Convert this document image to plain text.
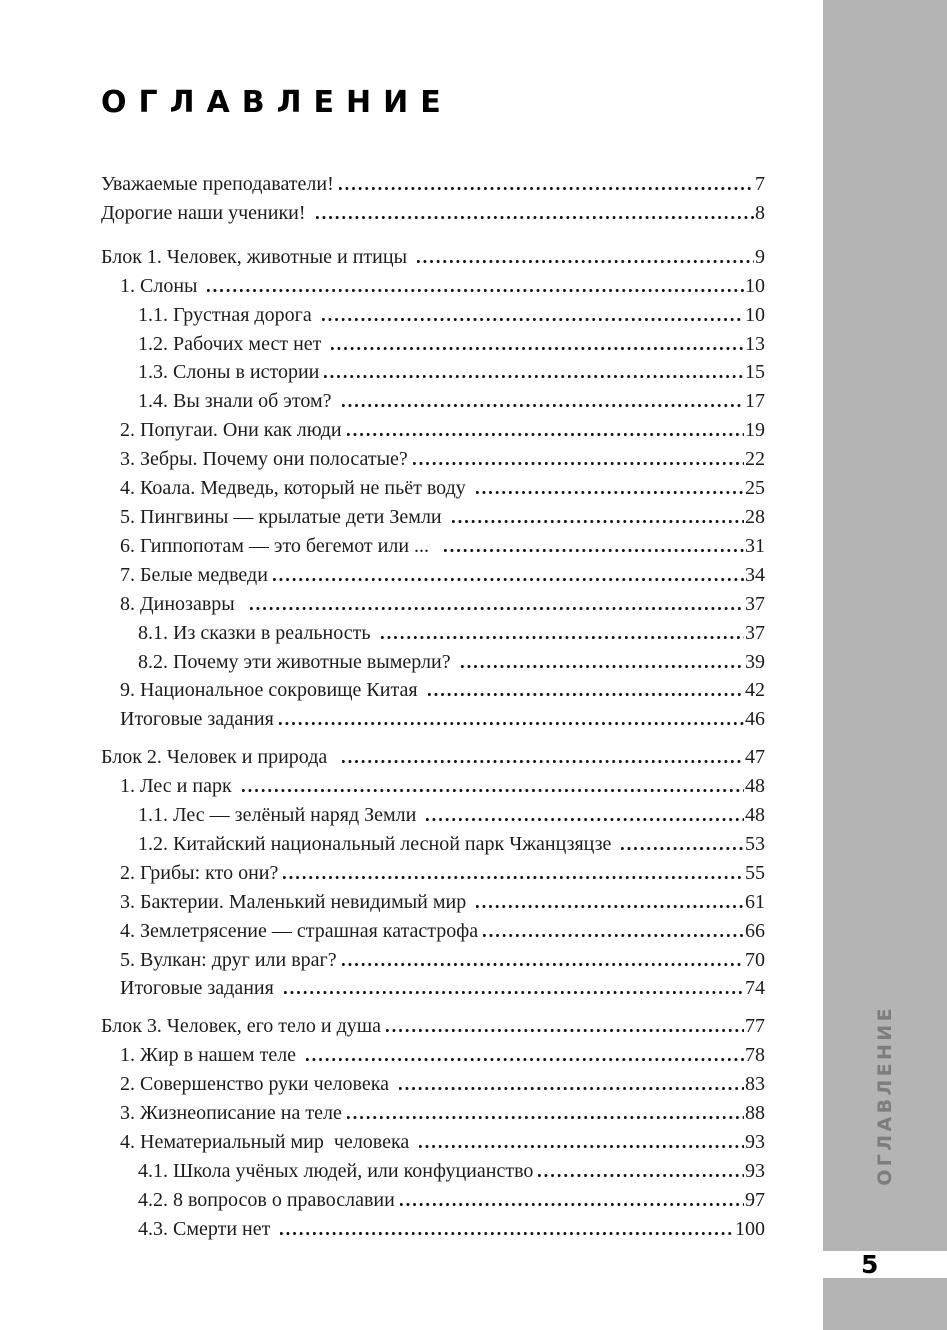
ОГЛАВЛЕНИЕ
Уважаемые преподаватели!	7
Дорогие наши ученики!	8
Блок 1. Человек, животные и птицы	9
1. Слоны	10
1.1. Грустная дорога	10
1.2. Рабочих мест нет	13
1.3. Слоны в истории	15
1.4. Вы знали об этом?	17
2. Попугаи. Они как люди	19
3. Зебры. Почему они полосатые?	22
4. Коала. Медведь, который не пьёт воду	25
5. Пингвины — крылатые дети Земли	28
6. Гиппопотам — это бегемот или ...	31
7. Белые медведи	34
8. Динозавры	37
8.1. Из сказки в реальность	37
8.2. Почему эти животные вымерли?	39
9. Национальное сокровище Китая	42
Итоговые задания	46
Блок 2. Человек и природа	47
1. Лес и парк	48
1.1. Лес — зелёный наряд Земли	48
1.2. Китайский национальный лесной парк Чжанцзяцзе	53
2. Грибы: кто они?	55
3. Бактерии. Маленький невидимый мир	61
4. Землетрясение — страшная катастрофа	66
5. Вулкан: друг или враг?	70
Итоговые задания	74
Блок 3. Человек, его тело и душа	77
1. Жир в нашем теле	78
2. Совершенство руки человека	83
3. Жизнеописание на теле	88
4. Нематериальный мир  человека	93
4.1. Школа учёных людей, или конфуцианство	93
4.2. 8 вопросов о православии	97
4.3. Смерти нет	100
ОГЛАВЛЕНИЕ
5
